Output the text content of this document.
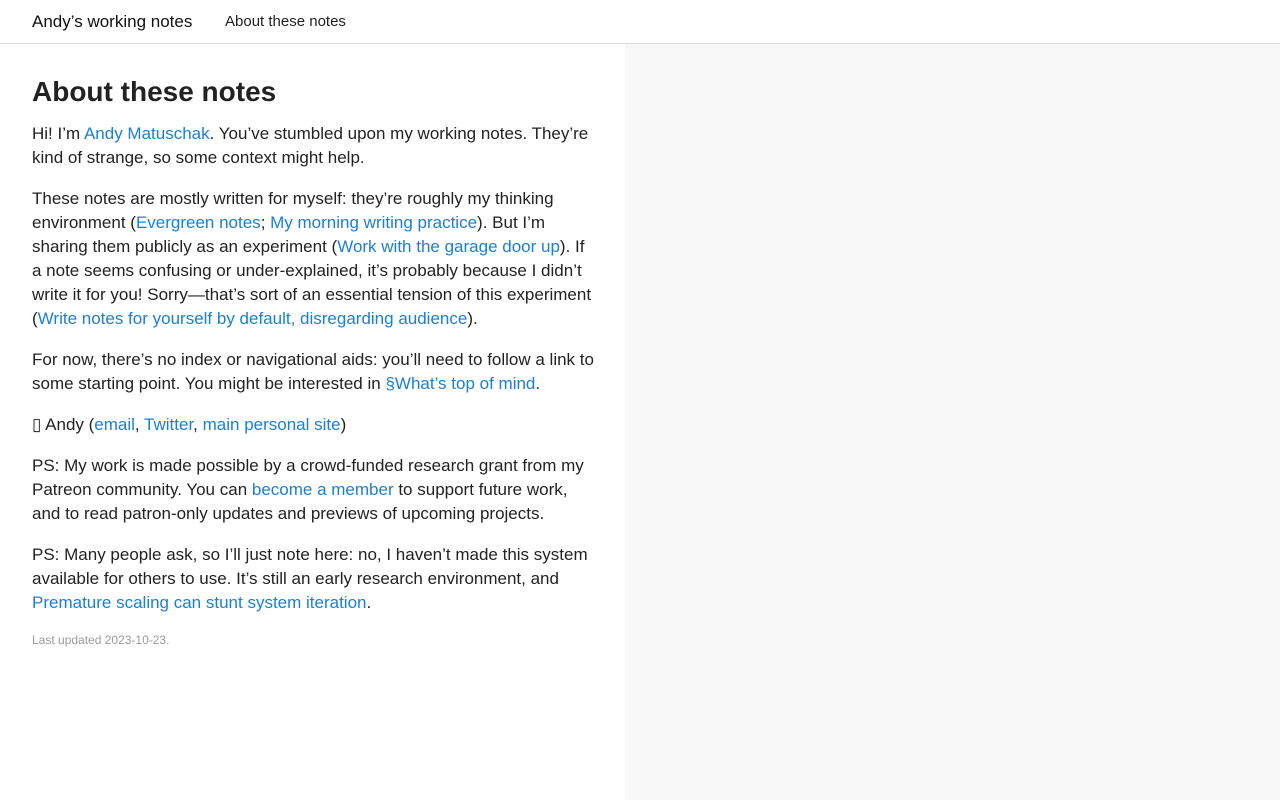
Andy’s working notes About these notes
About these notes

Hi! I’m Andy Matuschak. You’ve stumbled upon my working notes. They’re kind of strange, so some context might help.

These notes are mostly written for myself: they’re roughly my thinking environment (Evergreen notes; My morning writing practice). But I’m sharing them publicly as an experiment (Work with the garage door up). If a note seems confusing or under-explained, it’s probably because I didn’t write it for you! Sorry—that’s sort of an essential tension of this experiment (Write notes for yourself by default, disregarding audience).

For now, there’s no index or navigational aids: you’ll need to follow a link to some starting point. You might be interested in §What’s top of mind.

▯ Andy (email, Twitter, main personal site)

PS: My work is made possible by a crowd-funded research grant from my Patreon community. You can become a member to support future work, and to read patron-only updates and previews of upcoming projects.

PS: Many people ask, so I’ll just note here: no, I haven’t made this system available for others to use. It’s still an early research environment, and Premature scaling can stunt system iteration.

Last updated 2023-10-23.
